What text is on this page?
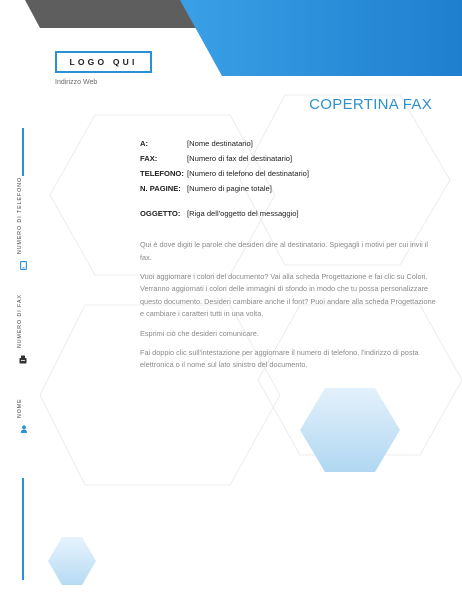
LOGO QUI
Indirizzo Web
COPERTINA FAX
A:	[Nome destinatario]
FAX:	[Numero di fax del destinatario]
TELEFONO: [Numero di telefono del destinatario]
N. PAGINE: [Numero di pagine totale]
OGGETTO: [Riga dell'oggetto del messaggio]

Qui è dove digiti le parole che desideri dire al destinatario. Spiegagli i motivi per cui invii il fax.

Vuoi aggiornare i colori del documento? Vai alla scheda Progettazione e fai clic su Colori. Verranno aggiornati i colori delle immagini di sfondo in modo che tu possa personalizzare questo documento. Desideri cambiare anche il font? Puoi andare alla scheda Progettazione e cambiare i caratteri tutti in una volta.

Esprimi ciò che desideri comunicare.

Fai doppio clic sull'intestazione per aggiornare il numero di telefono, l'indirizzo di posta elettronica o il nome sul lato sinistro del documento.

NUMERO DI TELEFONO
NUMERO DI FAX
NOME
